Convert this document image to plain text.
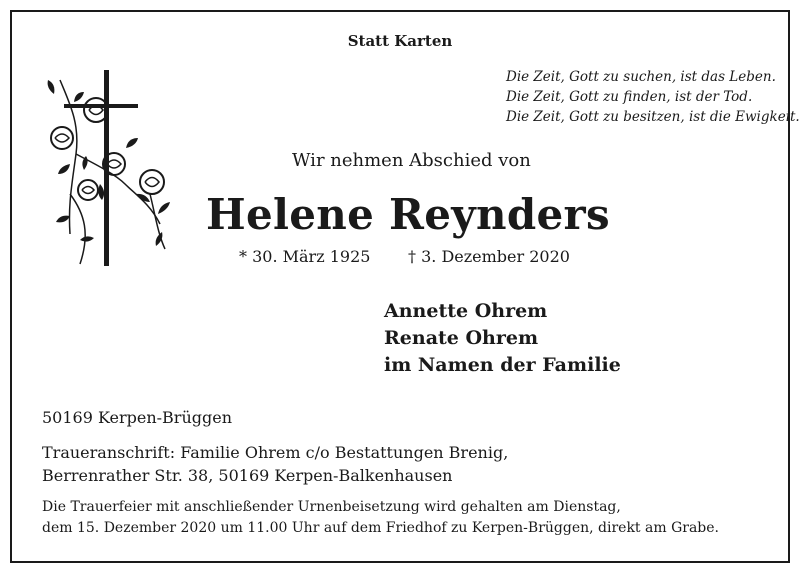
Statt Karten
Die Zeit, Gott zu suchen, ist das Leben.
Die Zeit, Gott zu finden, ist der Tod.
Die Zeit, Gott zu besitzen, ist die Ewigkeit.
Wir nehmen Abschied von
Helene Reynders
* 30. März 1925 † 3. Dezember 2020
Annette Ohrem
Renate Ohrem
im Namen der Familie
50169 Kerpen-Brüggen
Traueranschrift: Familie Ohrem c/o Bestattungen Brenig,
Berrenrather Str. 38, 50169 Kerpen-Balkenhausen
Die Trauerfeier mit anschließender Urnenbeisetzung wird gehalten am Dienstag,
dem 15. Dezember 2020 um 11.00 Uhr auf dem Friedhof zu Kerpen-Brüggen, direkt am Grabe.
